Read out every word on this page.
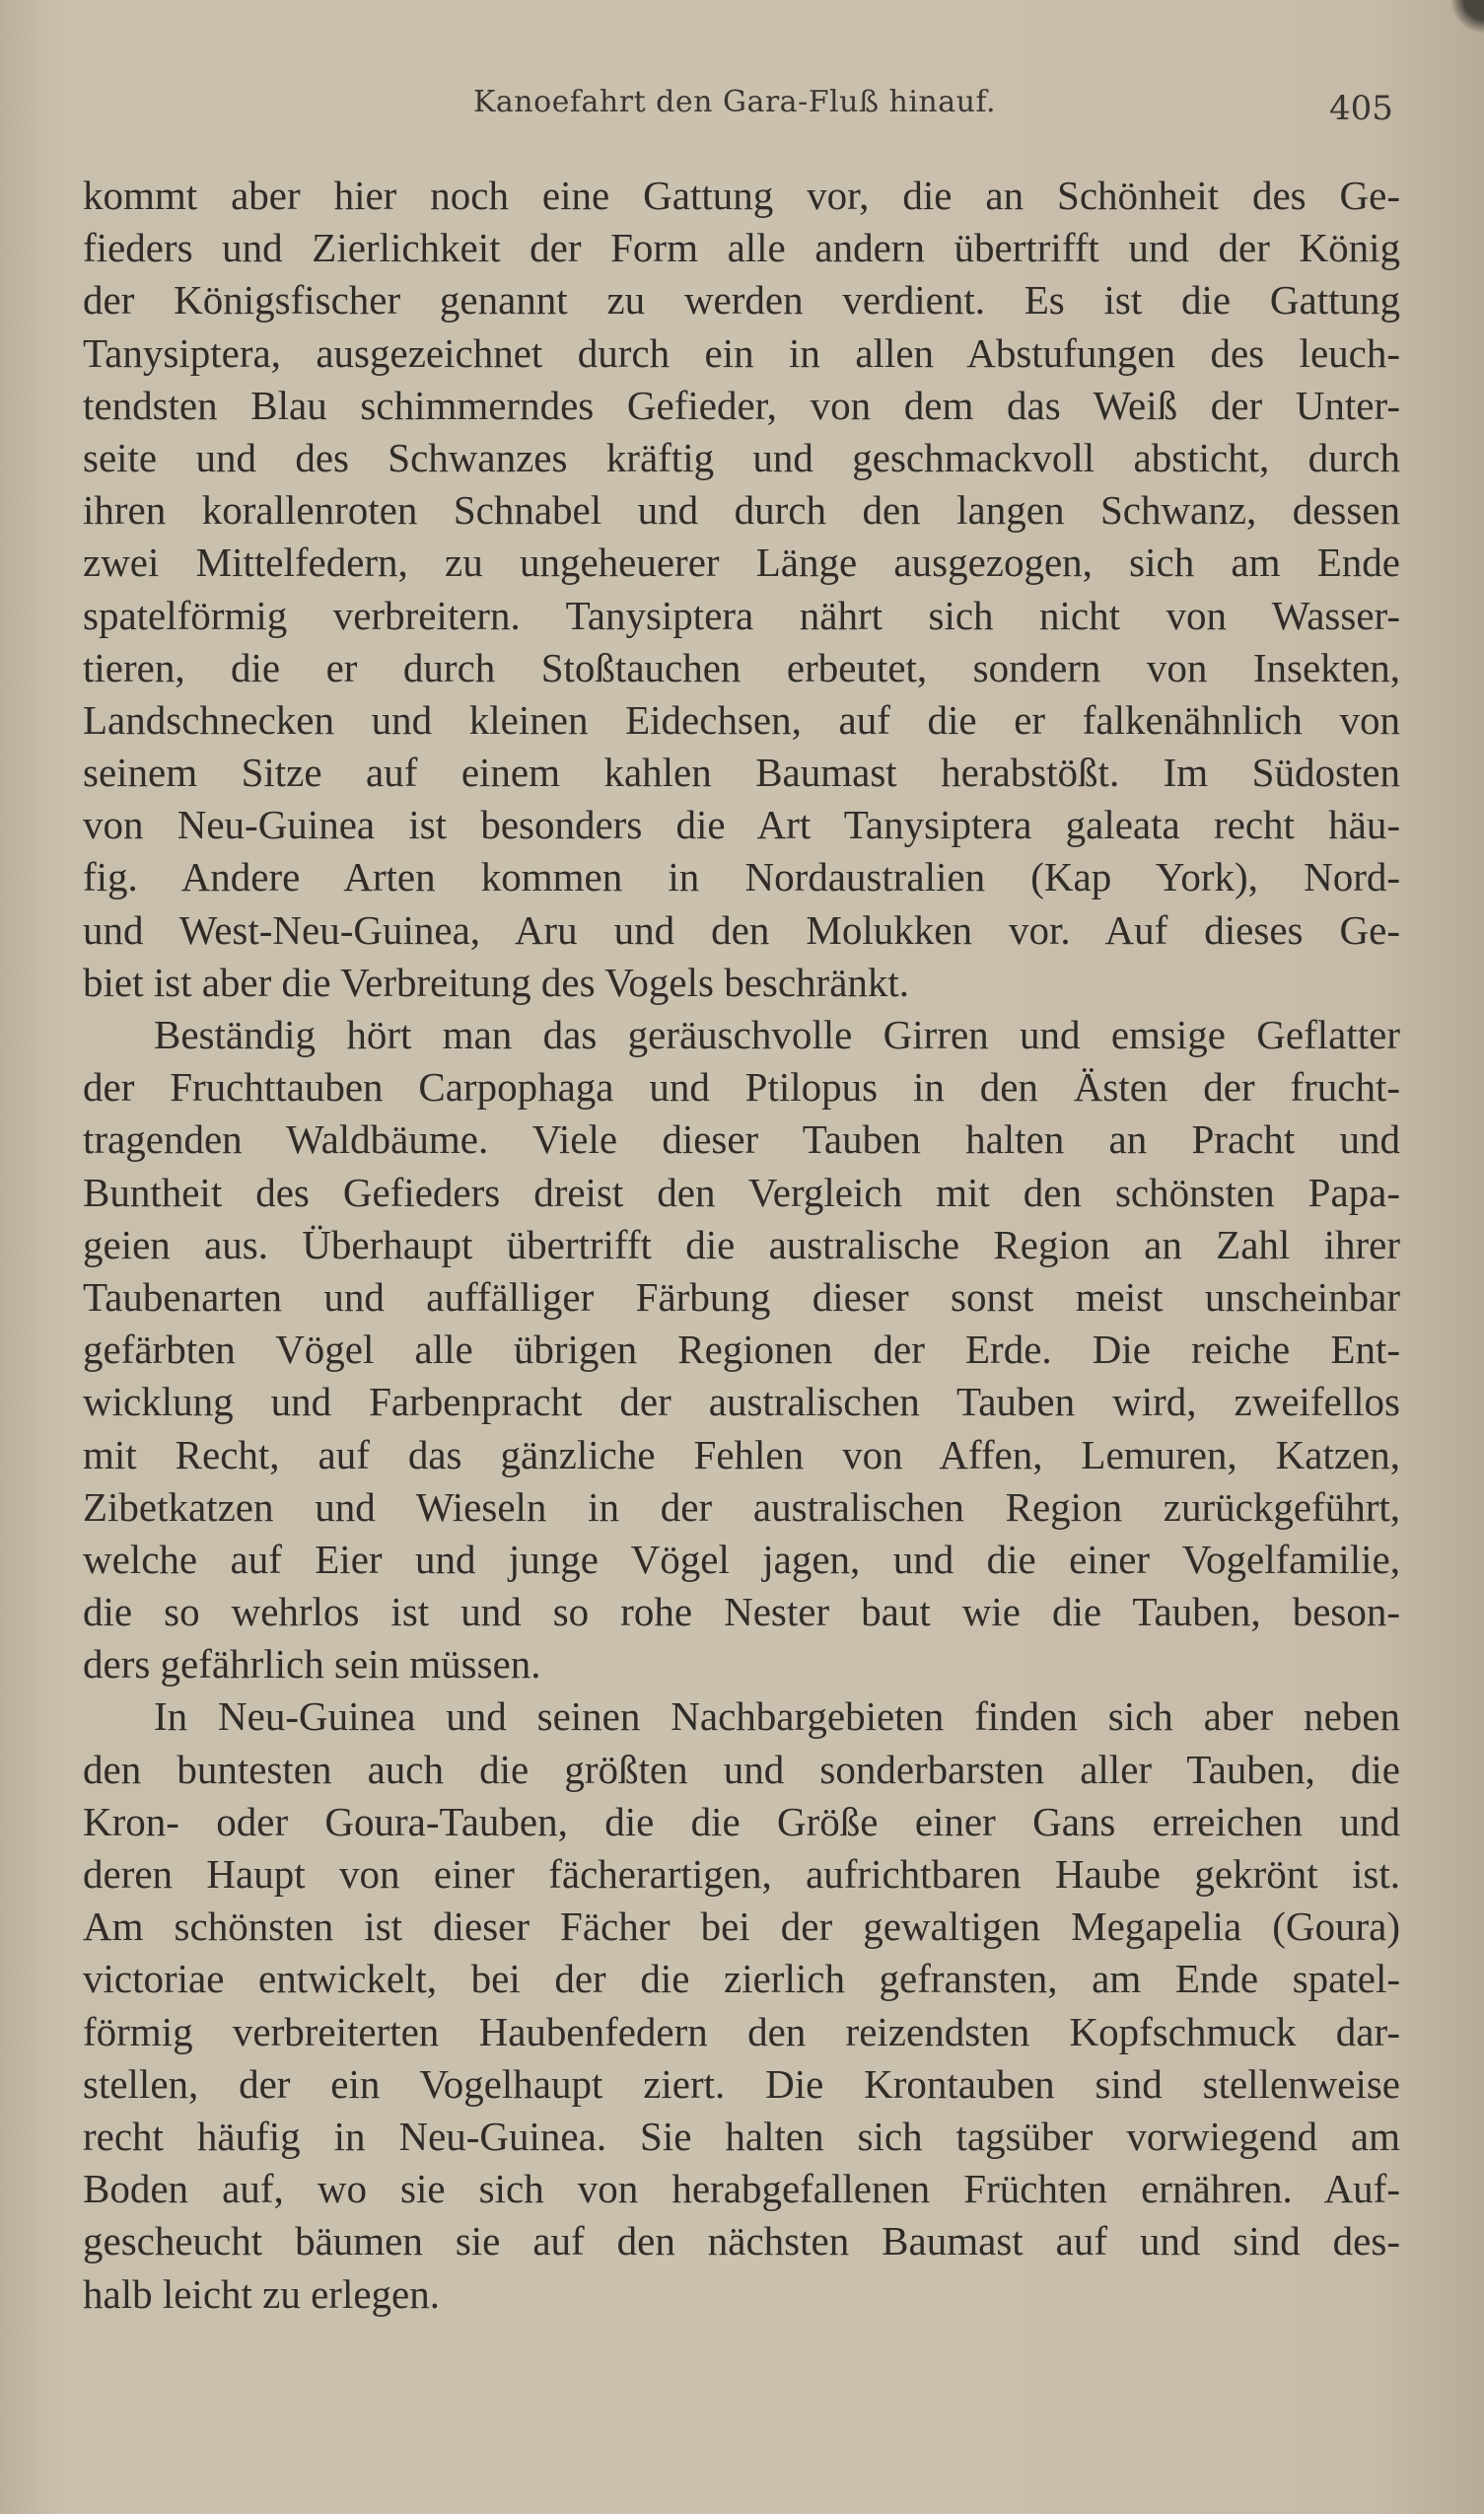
Kanoefahrt den Gara-Fluß hinauf.	405

kommt aber hier noch eine Gattung vor, die an Schönheit des Ge-
fieders und Zierlichkeit der Form alle andern übertrifft und der König
der Königsfischer genannt zu werden verdient. Es ist die Gattung
Tanysiptera, ausgezeichnet durch ein in allen Abstufungen des leuch-
tendsten Blau schimmerndes Gefieder, von dem das Weiß der Unter-
seite und des Schwanzes kräftig und geschmackvoll absticht, durch
ihren korallenroten Schnabel und durch den langen Schwanz, dessen
zwei Mittelfedern, zu ungeheuerer Länge ausgezogen, sich am Ende
spatelförmig verbreitern. Tanysiptera nährt sich nicht von Wasser-
tieren, die er durch Stoßtauchen erbeutet, sondern von Insekten,
Landschnecken und kleinen Eidechsen, auf die er falkenähnlich von
seinem Sitze auf einem kahlen Baumast herabstößt. Im Südosten
von Neu-Guinea ist besonders die Art Tanysiptera galeata recht häu-
fig. Andere Arten kommen in Nordaustralien (Kap York), Nord-
und West-Neu-Guinea, Aru und den Molukken vor. Auf dieses Ge-
biet ist aber die Verbreitung des Vogels beschränkt.

Beständig hört man das geräuschvolle Girren und emsige Geflatter
der Fruchttauben Carpophaga und Ptilopus in den Ästen der frucht-
tragenden Waldbäume. Viele dieser Tauben halten an Pracht und
Buntheit des Gefieders dreist den Vergleich mit den schönsten Papa-
geien aus. Überhaupt übertrifft die australische Region an Zahl ihrer
Taubenarten und auffälliger Färbung dieser sonst meist unscheinbar
gefärbten Vögel alle übrigen Regionen der Erde. Die reiche Ent-
wicklung und Farbenpracht der australischen Tauben wird, zweifellos
mit Recht, auf das gänzliche Fehlen von Affen, Lemuren, Katzen,
Zibetkatzen und Wieseln in der australischen Region zurückgeführt,
welche auf Eier und junge Vögel jagen, und die einer Vogelfamilie,
die so wehrlos ist und so rohe Nester baut wie die Tauben, beson-
ders gefährlich sein müssen.

In Neu-Guinea und seinen Nachbargebieten finden sich aber neben
den buntesten auch die größten und sonderbarsten aller Tauben, die
Kron- oder Goura-Tauben, die die Größe einer Gans erreichen und
deren Haupt von einer fächerartigen, aufrichtbaren Haube gekrönt ist.
Am schönsten ist dieser Fächer bei der gewaltigen Megapelia (Goura)
victoriae entwickelt, bei der die zierlich gefransten, am Ende spatel-
förmig verbreiterten Haubenfedern den reizendsten Kopfschmuck dar-
stellen, der ein Vogelhaupt ziert. Die Krontauben sind stellenweise
recht häufig in Neu-Guinea. Sie halten sich tagsüber vorwiegend am
Boden auf, wo sie sich von herabgefallenen Früchten ernähren. Auf-
gescheucht bäumen sie auf den nächsten Baumast auf und sind des-
halb leicht zu erlegen.
